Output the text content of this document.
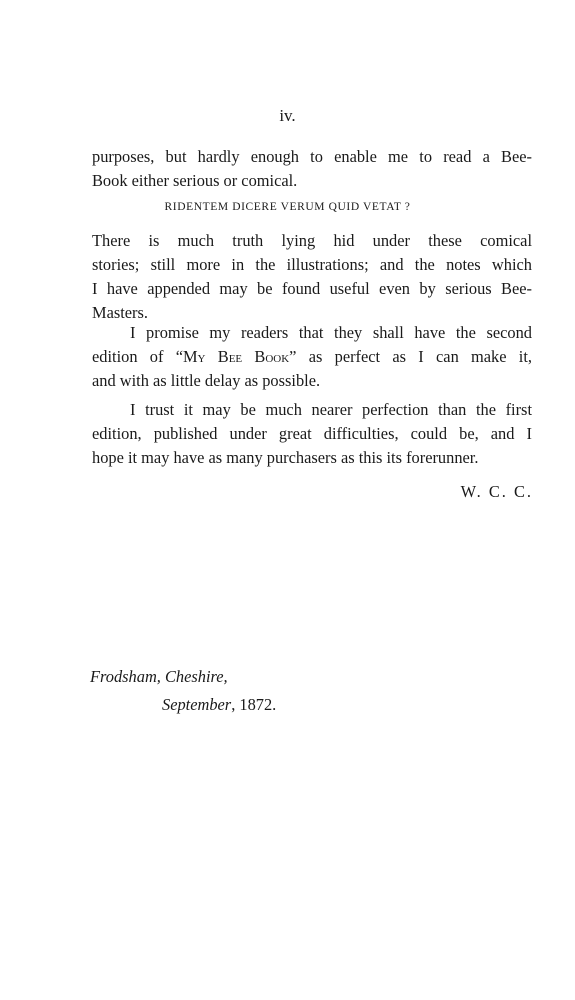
iv.
purposes, but hardly enough to enable me to read a Bee-
Book either serious or comical.
RIDENTEM DICERE VERUM QUID VETAT ?
There is much truth lying hid under these comical
stories; still more in the illustrations; and the notes which
I have appended may be found useful even by serious Bee-
Masters.
I promise my readers that they shall have the second
edition of “My Bee Book” as perfect as I can make it,
and with as little delay as possible.
I trust it may be much nearer perfection than the first
edition, published under great difficulties, could be, and I
hope it may have as many purchasers as this its forerunner.
W. C. C.
Frodsham, Cheshire,
September, 1872.
